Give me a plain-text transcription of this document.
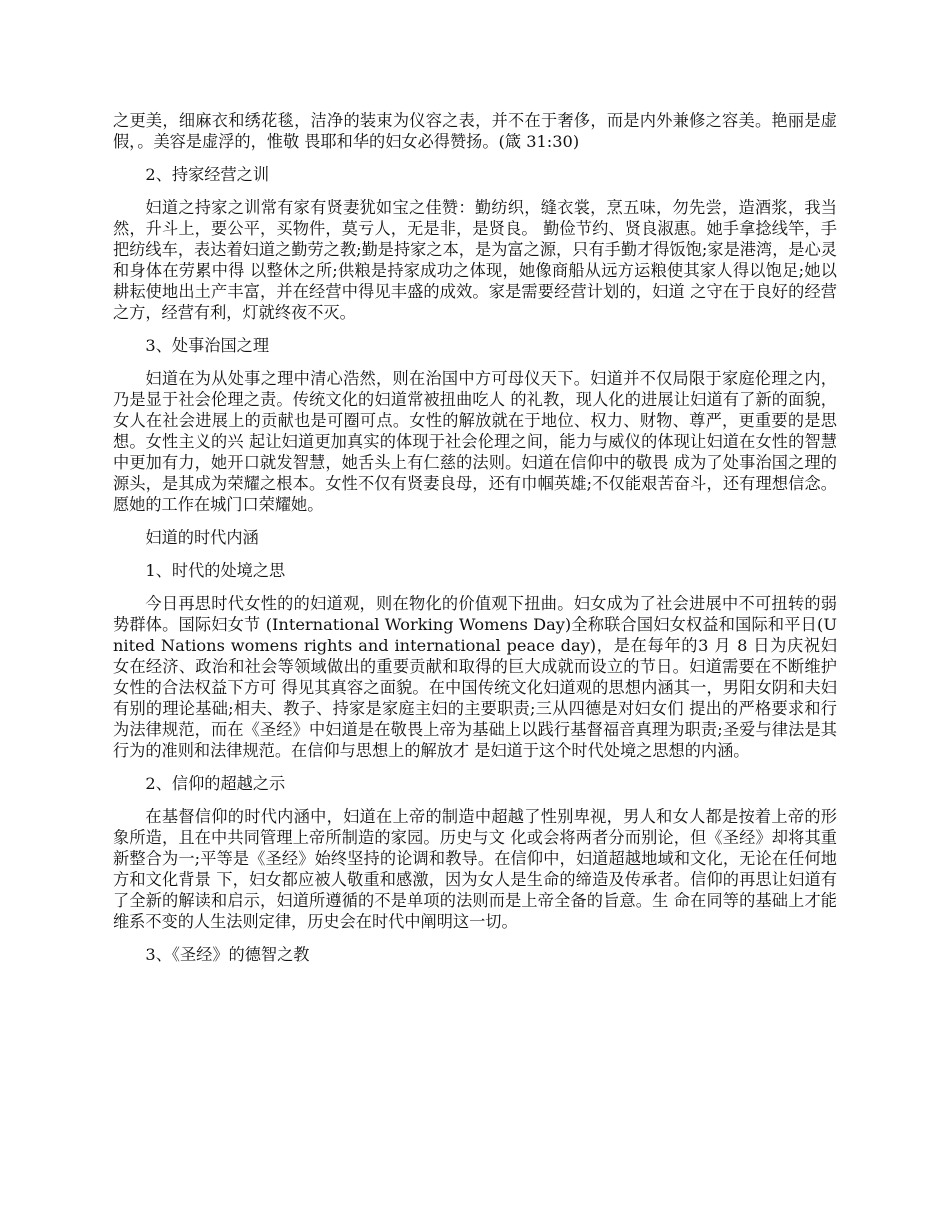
之更美，细麻衣和绣花毯，洁净的装束为仪容之表，并不在于奢侈，而是内外兼修之容美。艳丽是虚假，。美容是虚浮的，惟敬 畏耶和华的妇女必得赞扬。(箴 31:30)

2、持家经营之训

妇道之持家之训常有家有贤妻犹如宝之佳赞：勤纺织，缝衣裳，烹五味，勿先尝，造酒浆，我当然，升斗上，要公平，买物件，莫亏人，无是非，是贤良。 勤俭节约、贤良淑惠。她手拿捻线竿，手把纺线车，表达着妇道之勤劳之教;勤是持家之本，是为富之源，只有手勤才得饭饱;家是港湾，是心灵和身体在劳累中得 以整休之所;供粮是持家成功之体现，她像商船从远方运粮使其家人得以饱足;她以耕耘使地出土产丰富，并在经营中得见丰盛的成效。家是需要经营计划的，妇道 之守在于良好的经营之方，经营有利，灯就终夜不灭。

3、处事治国之理

妇道在为从处事之理中清心浩然，则在治国中方可母仪天下。妇道并不仅局限于家庭伦理之内，乃是显于社会伦理之责。传统文化的妇道常被扭曲吃人 的礼教，现人化的进展让妇道有了新的面貌，女人在社会进展上的贡献也是可圈可点。女性的解放就在于地位、权力、财物、尊严，更重要的是思想。女性主义的兴 起让妇道更加真实的体现于社会伦理之间，能力与威仪的体现让妇道在女性的智慧中更加有力，她开口就发智慧，她舌头上有仁慈的法则。妇道在信仰中的敬畏 成为了处事治国之理的源头，是其成为荣耀之根本。女性不仅有贤妻良母，还有巾帼英雄;不仅能艰苦奋斗，还有理想信念。愿她的工作在城门口荣耀她。

妇道的时代内涵

1、时代的处境之思

今日再思时代女性的的妇道观，则在物化的价值观下扭曲。妇女成为了社会进展中不可扭转的弱势群体。国际妇女节 (International Working Womens Day)全称联合国妇女权益和国际和平日(United Nations womens rights and international peace day)，是在每年的3 月 8 日为庆祝妇女在经济、政治和社会等领域做出的重要贡献和取得的巨大成就而设立的节日。妇道需要在不断维护女性的合法权益下方可 得见其真容之面貌。在中国传统文化妇道观的思想内涵其一，男阳女阴和夫妇有别的理论基础;相夫、教子、持家是家庭主妇的主要职责;三从四德是对妇女们 提出的严格要求和行为法律规范，而在《圣经》中妇道是在敬畏上帝为基础上以践行基督福音真理为职责;圣爱与律法是其行为的准则和法律规范。在信仰与思想上的解放才 是妇道于这个时代处境之思想的内涵。

2、信仰的超越之示

在基督信仰的时代内涵中，妇道在上帝的制造中超越了性别卑视，男人和女人都是按着上帝的形象所造，且在中共同管理上帝所制造的家园。历史与文 化或会将两者分而别论，但《圣经》却将其重新整合为一;平等是《圣经》始终坚持的论调和教导。在信仰中，妇道超越地域和文化，无论在任何地方和文化背景 下，妇女都应被人敬重和感激，因为女人是生命的缔造及传承者。信仰的再思让妇道有了全新的解读和启示，妇道所遵循的不是单项的法则而是上帝全备的旨意。生 命在同等的基础上才能维系不变的人生法则定律，历史会在时代中阐明这一切。

3、《圣经》的德智之教
